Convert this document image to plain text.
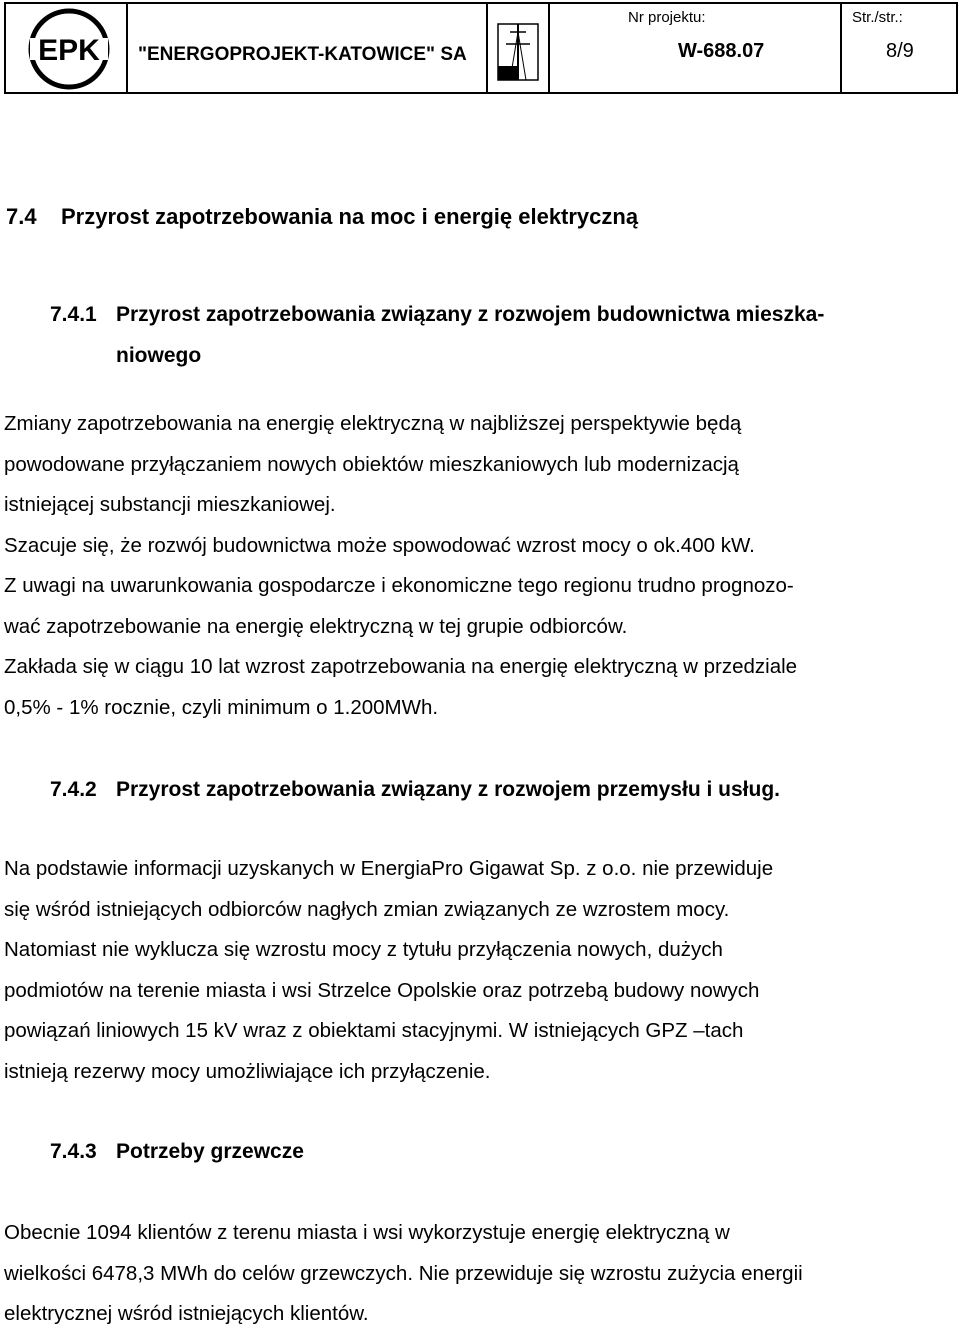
EPK "ENERGOPROJEKT-KATOWICE" SA
Nr projektu:
W-688.07
Str./str.:
8/9
7.4 Przyrost zapotrzebowania na moc i energię elektryczną
7.4.1 Przyrost zapotrzebowania związany z rozwojem budownictwa mieszka-
niowego
Zmiany zapotrzebowania na energię elektryczną w najbliższej perspektywie będą
powodowane przyłączaniem nowych obiektów mieszkaniowych lub modernizacją
istniejącej substancji mieszkaniowej.
Szacuje się, że rozwój budownictwa może spowodować wzrost mocy o ok.400 kW.
Z uwagi na uwarunkowania gospodarcze i ekonomiczne tego regionu trudno prognozo-
wać zapotrzebowanie na energię elektryczną w tej grupie odbiorców.
Zakłada się w ciągu 10 lat wzrost zapotrzebowania na energię elektryczną w przedziale
0,5% - 1% rocznie, czyli minimum o 1.200MWh.
7.4.2 Przyrost zapotrzebowania związany z rozwojem przemysłu i usług.
Na podstawie informacji uzyskanych w EnergiaPro Gigawat Sp. z o.o. nie przewiduje
się wśród istniejących odbiorców nagłych zmian związanych ze wzrostem mocy.
Natomiast nie wyklucza się wzrostu mocy z tytułu przyłączenia nowych, dużych
podmiotów na terenie miasta i wsi Strzelce Opolskie oraz potrzebą budowy nowych
powiązań liniowych 15 kV wraz z obiektami stacyjnymi. W istniejących GPZ –tach
istnieją rezerwy mocy umożliwiające ich przyłączenie.
7.4.3 Potrzeby grzewcze
Obecnie 1094 klientów z terenu miasta i wsi wykorzystuje energię elektryczną w
wielkości 6478,3 MWh do celów grzewczych. Nie przewiduje się wzrostu zużycia energii
elektrycznej wśród istniejących klientów.
